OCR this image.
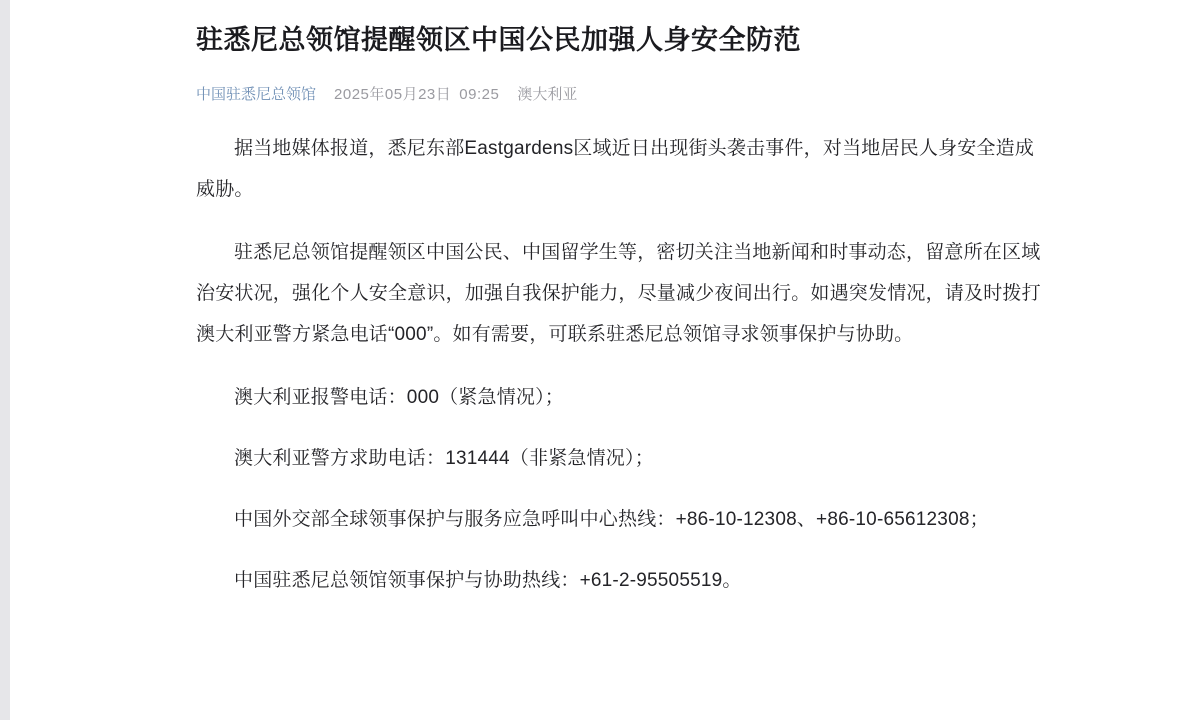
驻悉尼总领馆提醒领区中国公民加强人身安全防范
中国驻悉尼总领馆 2025年05月23日 09:25 澳大利亚

据当地媒体报道，悉尼东部Eastgardens区域近日出现街头袭击事件，对当地居民人身安全造成威胁。

驻悉尼总领馆提醒领区中国公民、中国留学生等，密切关注当地新闻和时事动态，留意所在区域治安状况，强化个人安全意识，加强自我保护能力，尽量减少夜间出行。如遇突发情况，请及时拨打澳大利亚警方紧急电话“000”。如有需要，可联系驻悉尼总领馆寻求领事保护与协助。

澳大利亚报警电话：000（紧急情况）；

澳大利亚警方求助电话：131444（非紧急情况）；

中国外交部全球领事保护与服务应急呼叫中心热线：+86-10-12308、+86-10-65612308；

中国驻悉尼总领馆领事保护与协助热线：+61-2-95505519。
